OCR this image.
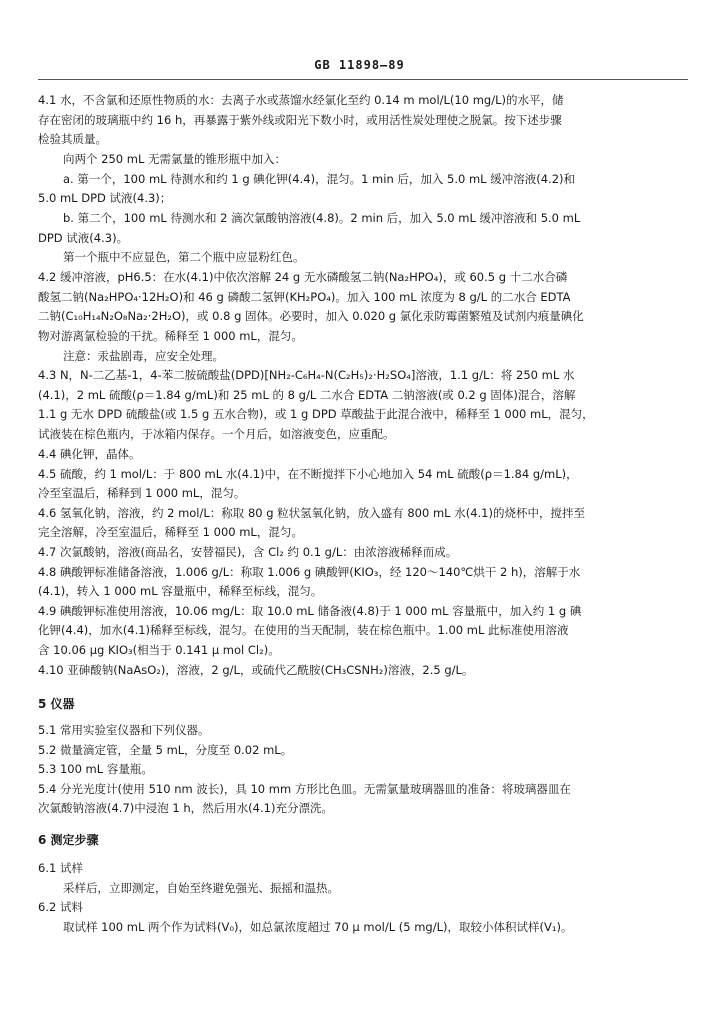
GB 11898—89
4.1 水，不含氯和还原性物质的水：去离子水或蒸馏水经氯化至约 0.14 m mol/L(10 mg/L)的水平，储
存在密闭的玻璃瓶中约 16 h，再暴露于紫外线或阳光下数小时，或用活性炭处理使之脱氯。按下述步骤
检验其质量。
向两个 250 mL 无需氯量的锥形瓶中加入：
a. 第一个，100 mL 待测水和约 1 g 碘化钾(4.4)，混匀。1 min 后，加入 5.0 mL 缓冲溶液(4.2)和
5.0 mL DPD 试液(4.3)；
b. 第二个，100 mL 待测水和 2 滴次氯酸钠溶液(4.8)。2 min 后，加入 5.0 mL 缓冲溶液和 5.0 mL
DPD 试液(4.3)。
第一个瓶中不应显色，第二个瓶中应显粉红色。
4.2 缓冲溶液，pH6.5：在水(4.1)中依次溶解 24 g 无水磷酸氢二钠(Na₂HPO₄)，或 60.5 g 十二水合磷
酸氢二钠(Na₂HPO₄·12H₂O)和 46 g 磷酸二氢钾(KH₂PO₄)。加入 100 mL 浓度为 8 g/L 的二水合 EDTA
二钠(C₁₀H₁₄N₂O₈Na₂·2H₂O)，或 0.8 g 固体。必要时，加入 0.020 g 氯化汞防霉菌繁殖及试剂内痕量碘化
物对游离氯检验的干扰。稀释至 1 000 mL，混匀。
注意：汞盐剧毒，应安全处理。
4.3 N，N-二乙基-1，4-苯二胺硫酸盐(DPD)[NH₂-C₆H₄-N(C₂H₅)₂·H₂SO₄]溶液，1.1 g/L：将 250 mL 水
(4.1)，2 mL 硫酸(ρ＝1.84 g/mL)和 25 mL 的 8 g/L 二水合 EDTA 二钠溶液(或 0.2 g 固体)混合，溶解
1.1 g 无水 DPD 硫酸盐(或 1.5 g 五水合物)，或 1 g DPD 草酸盐于此混合液中，稀释至 1 000 mL，混匀，
试液装在棕色瓶内，于冰箱内保存。一个月后，如溶液变色，应重配。
4.4 碘化钾，晶体。
4.5 硫酸，约 1 mol/L：于 800 mL 水(4.1)中，在不断搅拌下小心地加入 54 mL 硫酸(ρ＝1.84 g/mL)，
冷至室温后，稀释到 1 000 mL，混匀。
4.6 氢氧化钠，溶液，约 2 mol/L：称取 80 g 粒状氢氧化钠，放入盛有 800 mL 水(4.1)的烧杯中，搅拌至
完全溶解，冷至室温后，稀释至 1 000 mL，混匀。
4.7 次氯酸钠，溶液(商品名，安替福民)，含 Cl₂ 约 0.1 g/L：由浓溶液稀释而成。
4.8 碘酸钾标准储备溶液，1.006 g/L：称取 1.006 g 碘酸钾(KIO₃，经 120～140℃烘干 2 h)，溶解于水
(4.1)，转入 1 000 mL 容量瓶中，稀释至标线，混匀。
4.9 碘酸钾标准使用溶液，10.06 mg/L：取 10.0 mL 储备液(4.8)于 1 000 mL 容量瓶中，加入约 1 g 碘
化钾(4.4)，加水(4.1)稀释至标线，混匀。在使用的当天配制，装在棕色瓶中。1.00 mL 此标准使用溶液
含 10.06 μg KIO₃(相当于 0.141 μ mol Cl₂)。
4.10 亚砷酸钠(NaAsO₂)，溶液，2 g/L，或硫代乙酰胺(CH₃CSNH₂)溶液，2.5 g/L。
5 仪器
5.1 常用实验室仪器和下列仪器。
5.2 微量滴定管，全量 5 mL，分度至 0.02 mL。
5.3 100 mL 容量瓶。
5.4 分光光度计(使用 510 nm 波长)，具 10 mm 方形比色皿。无需氯量玻璃器皿的准备：将玻璃器皿在
次氯酸钠溶液(4.7)中浸泡 1 h，然后用水(4.1)充分漂洗。
6 测定步骤
6.1 试样
采样后，立即测定，自始至终避免强光、振摇和温热。
6.2 试料
取试样 100 mL 两个作为试料(V₀)，如总氯浓度超过 70 μ mol/L (5 mg/L)，取较小体积试样(V₁)。
